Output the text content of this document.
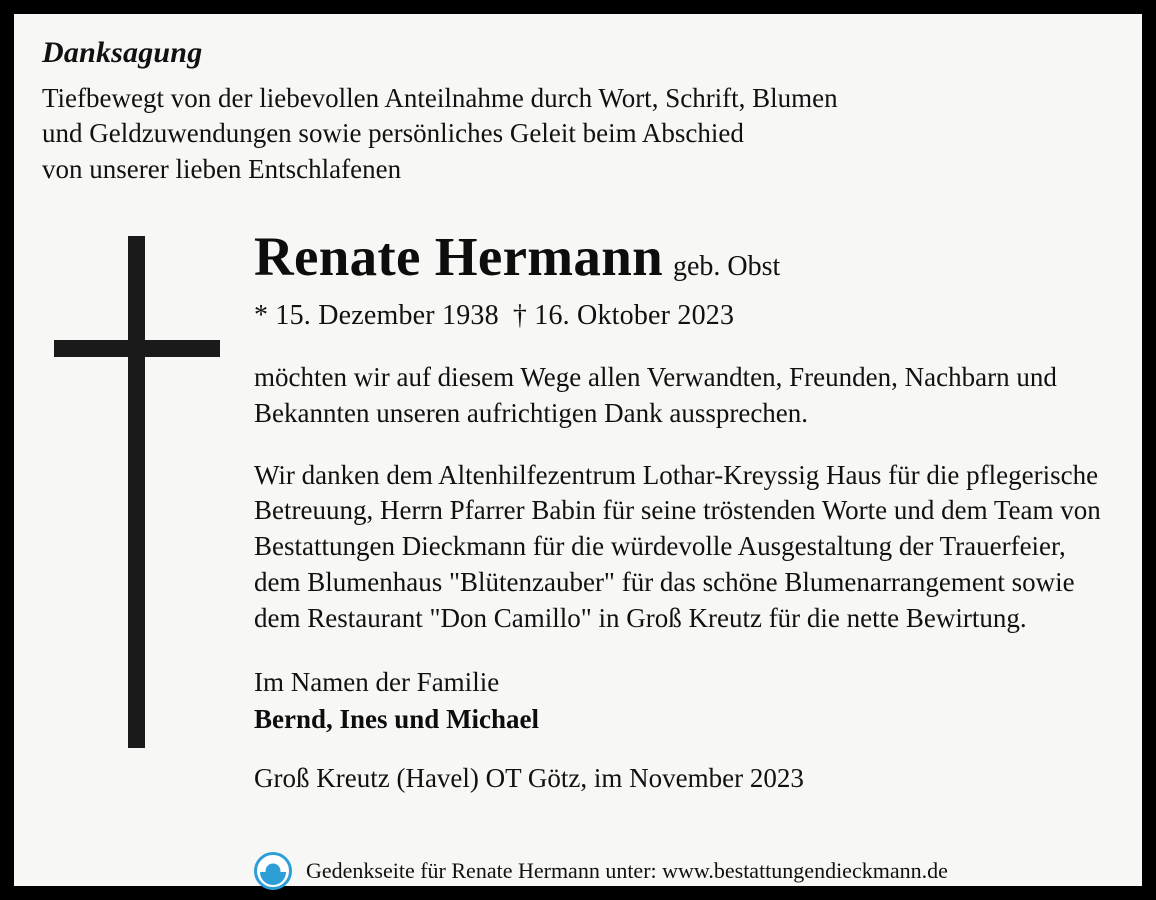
Danksagung
Tiefbewegt von der liebevollen Anteilnahme durch Wort, Schrift, Blumen
und Geldzuwendungen sowie persönliches Geleit beim Abschied
von unserer lieben Entschlafenen
Renate Hermann geb. Obst
* 15. Dezember 1938 † 16. Oktober 2023
möchten wir auf diesem Wege allen Verwandten, Freunden, Nachbarn und Bekannten unseren aufrichtigen Dank aussprechen.
Wir danken dem Altenhilfezentrum Lothar-Kreyssig Haus für die pflegerische Betreuung, Herrn Pfarrer Babin für seine tröstenden Worte und dem Team von Bestattungen Dieckmann für die würdevolle Ausgestaltung der Trauerfeier, dem Blumenhaus "Blütenzauber" für das schöne Blumenarrangement sowie dem Restaurant "Don Camillo" in Groß Kreutz für die nette Bewirtung.
Im Namen der Familie
Bernd, Ines und Michael
Groß Kreutz (Havel) OT Götz, im November 2023
Gedenkseite für Renate Hermann unter: www.bestattungendieckmann.de
